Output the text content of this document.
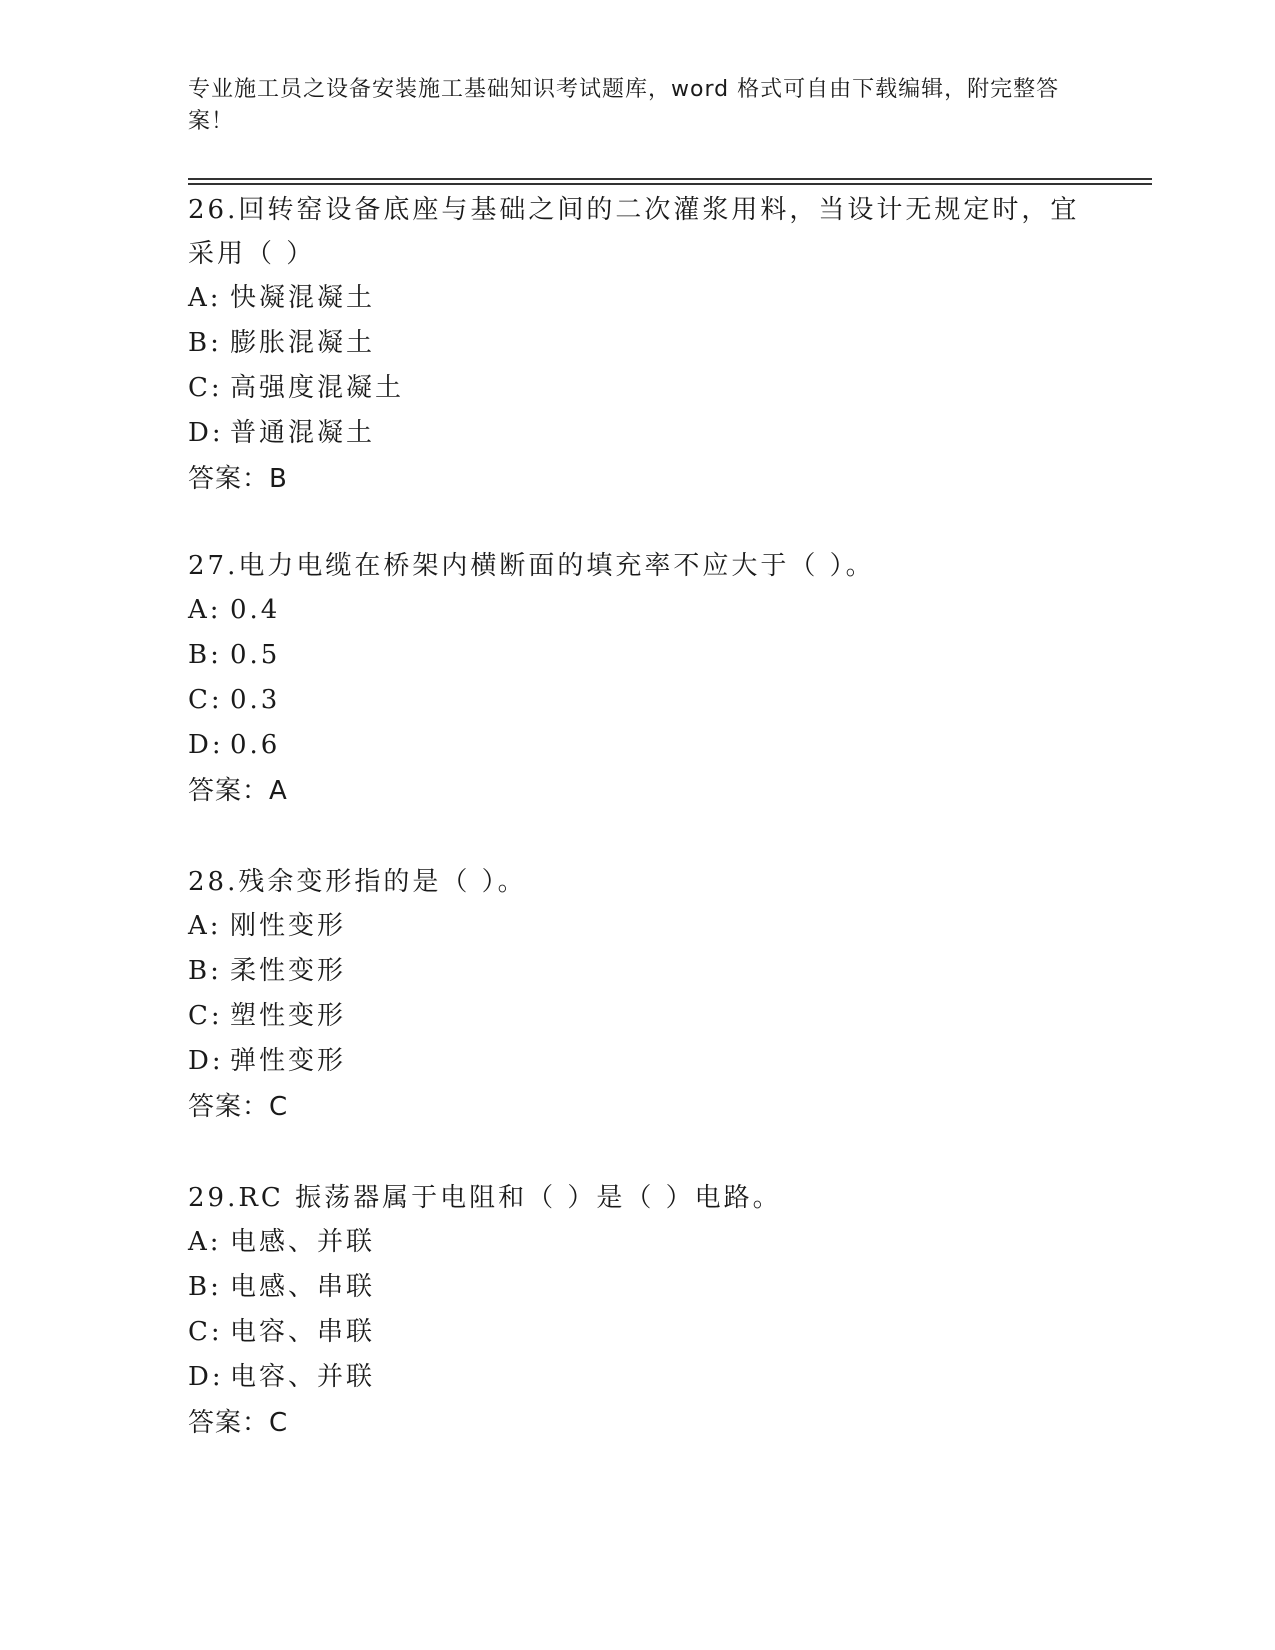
专业施工员之设备安装施工基础知识考试题库，word 格式可自由下载编辑，附完整答案！

26.回转窑设备底座与基础之间的二次灌浆用料，当设计无规定时，宜采用（ ）

A: 快凝混凝土
B: 膨胀混凝土
C: 高强度混凝土
D: 普通混凝土
答案：B

27.电力电缆在桥架内横断面的填充率不应大于（ ）。

A: 0.4
B: 0.5
C: 0.3
D: 0.6
答案：A

28.残余变形指的是（ ）。

A: 刚性变形
B: 柔性变形
C: 塑性变形
D: 弹性变形
答案：C

29.RC 振荡器属于电阻和（ ）是（ ）电路。

A: 电感、并联
B: 电感、串联
C: 电容、串联
D: 电容、并联
答案：C
